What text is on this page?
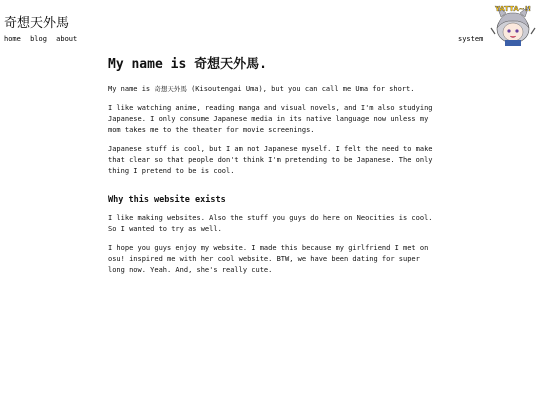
奇想天外馬
home blog about	system
YATTA~!!
My name is 奇想天外馬.

My name is 奇想天外馬 (Kisoutengai Uma), but you can call me Uma for short.

I like watching anime, reading manga and visual novels, and I'm also studying Japanese. I only consume Japanese media in its native language now unless my mom takes me to the theater for movie screenings.

Japanese stuff is cool, but I am not Japanese myself. I felt the need to make that clear so that people don't think I'm pretending to be Japanese. The only thing I pretend to be is cool.

Why this website exists

I like making websites. Also the stuff you guys do here on Neocities is cool. So I wanted to try as well.

I hope you guys enjoy my website. I made this because my girlfriend I met on osu! inspired me with her cool website. BTW, we have been dating for super long now. Yeah. And, she's really cute.
